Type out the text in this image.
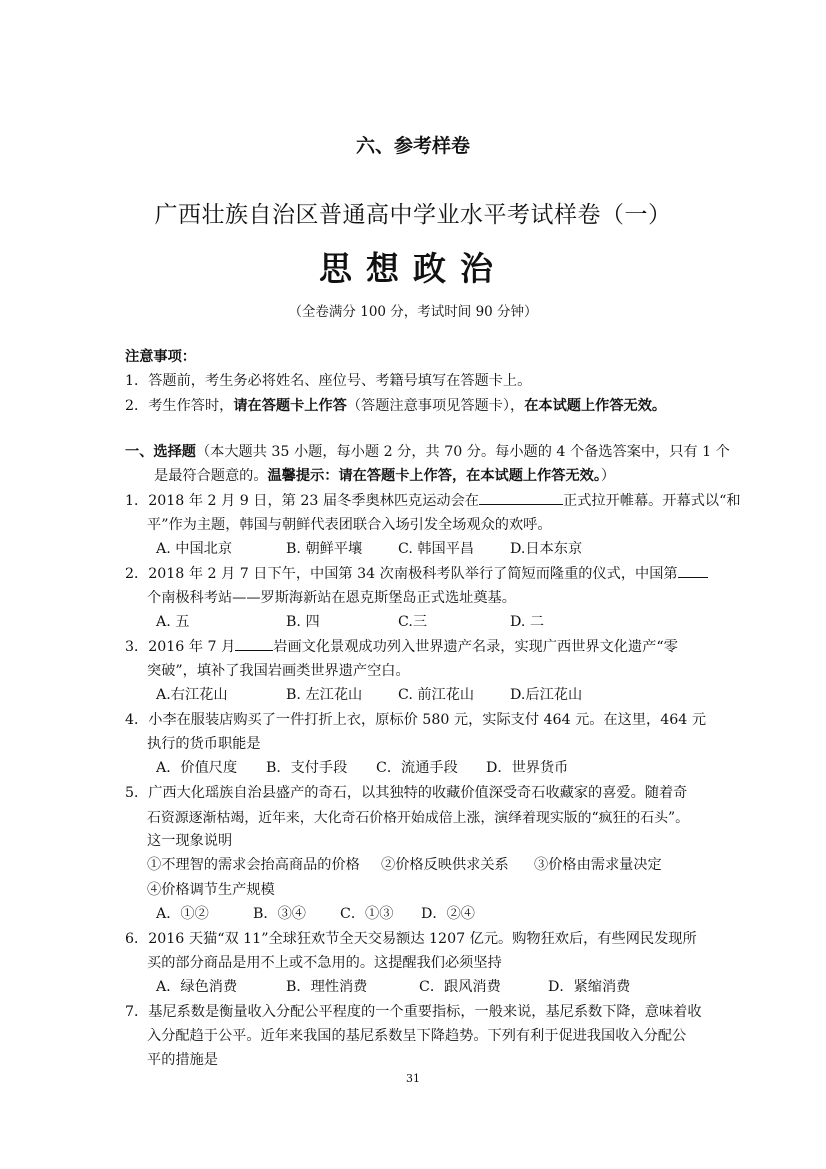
六、参考样卷
广西壮族自治区普通高中学业水平考试样卷（一）
思想政治
（全卷满分 100 分，考试时间 90 分钟）
注意事项：
1．答题前，考生务必将姓名、座位号、考籍号填写在答题卡上。
2．考生作答时，请在答题卡上作答（答题注意事项见答题卡），在本试题上作答无效。
一、选择题（本大题共 35 小题，每小题 2 分，共 70 分。每小题的 4 个备选答案中，只有 1 个
是最符合题意的。温馨提示：请在答题卡上作答，在本试题上作答无效。）
1．2018 年 2 月 9 日，第 23 届冬季奥林匹克运动会在	正式拉开帷幕。开幕式以“和
平”作为主题，韩国与朝鲜代表团联合入场引发全场观众的欢呼。
A. 中国北京	B. 朝鲜平壤	C. 韩国平昌	D.日本东京
2．2018 年 2 月 7 日下午，中国第 34 次南极科考队举行了简短而隆重的仪式，中国第
个南极科考站——罗斯海新站在恩克斯堡岛正式选址奠基。
A. 五	B. 四	C.三	D. 二
3．2016 年 7 月	岩画文化景观成功列入世界遗产名录，实现广西世界文化遗产“零
突破”，填补了我国岩画类世界遗产空白。
A.右江花山	B. 左江花山	C. 前江花山	D.后江花山
4．小李在服装店购买了一件打折上衣，原标价 580 元，实际支付 464 元。在这里，464 元
执行的货币职能是
A．价值尺度 B．支付手段 C．流通手段 D．世界货币
5．广西大化瑶族自治县盛产的奇石，以其独特的收藏价值深受奇石收藏家的喜爱。随着奇
石资源逐渐枯竭，近年来，大化奇石价格开始成倍上涨，演绎着现实版的“疯狂的石头”。
这一现象说明
①不理智的需求会抬高商品的价格 ②价格反映供求关系 ③价格由需求量决定
④价格调节生产规模
A．①②	B．③④ C．①③ D．②④
6．2016 天猫“双 11”全球狂欢节全天交易额达 1207 亿元。购物狂欢后，有些网民发现所
买的部分商品是用不上或不急用的。这提醒我们必须坚持
A．绿色消费	B．理性消费	C．跟风消费	D．紧缩消费
7．基尼系数是衡量收入分配公平程度的一个重要指标，一般来说，基尼系数下降，意味着收
入分配趋于公平。近年来我国的基尼系数呈下降趋势。下列有利于促进我国收入分配公
平的措施是
31
